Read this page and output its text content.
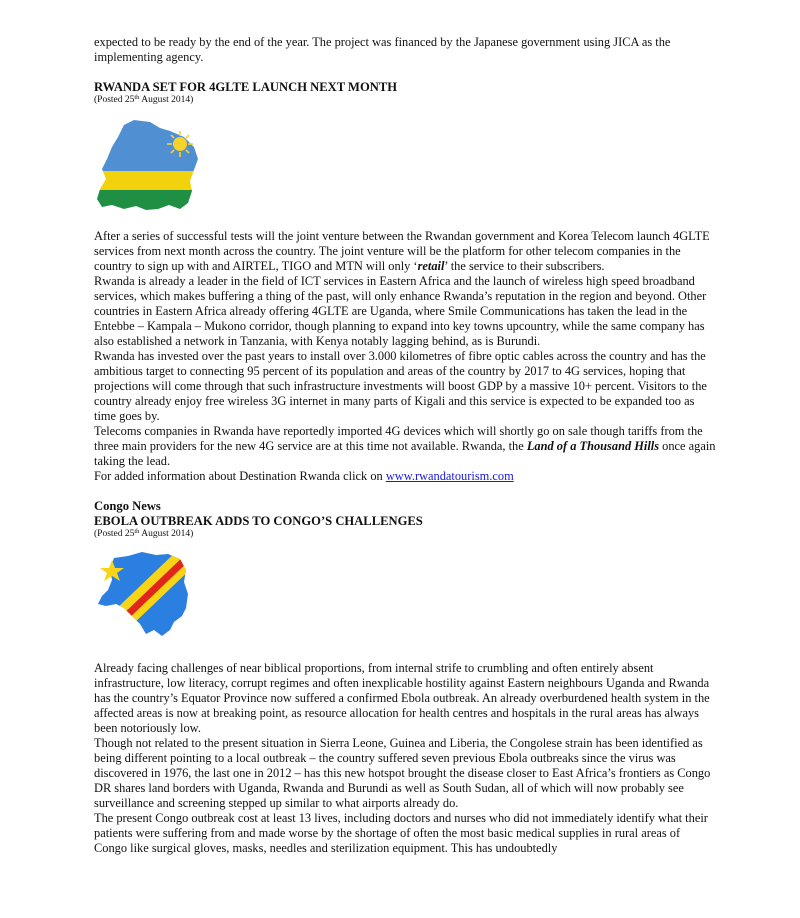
expected to be ready by the end of the year. The project was financed by the Japanese government using JICA as the implementing agency.

RWANDA SET FOR 4GLTE LAUNCH NEXT MONTH
(Posted 25th August 2014)

After a series of successful tests will the joint venture between the Rwandan government and Korea Telecom launch 4GLTE services from next month across the country. The joint venture will be the platform for other telecom companies in the country to sign up with and AIRTEL, TIGO and MTN will only ‘retail’ the service to their subscribers.

Rwanda is already a leader in the field of ICT services in Eastern Africa and the launch of wireless high speed broadband services, which makes buffering a thing of the past, will only enhance Rwanda’s reputation in the region and beyond. Other countries in Eastern Africa already offering 4GLTE are Uganda, where Smile Communications has taken the lead in the Entebbe – Kampala – Mukono corridor, though planning to expand into key towns upcountry, while the same company has also established a network in Tanzania, with Kenya notably lagging behind, as is Burundi.

Rwanda has invested over the past years to install over 3.000 kilometres of fibre optic cables across the country and has the ambitious target to connecting 95 percent of its population and areas of the country by 2017 to 4G services, hoping that projections will come through that such infrastructure investments will boost GDP by a massive 10+ percent. Visitors to the country already enjoy free wireless 3G internet in many parts of Kigali and this service is expected to be expanded too as time goes by.

Telecoms companies in Rwanda have reportedly imported 4G devices which will shortly go on sale though tariffs from the three main providers for the new 4G service are at this time not available. Rwanda, the Land of a Thousand Hills once again taking the lead.

For added information about Destination Rwanda click on www.rwandatourism.com

Congo News
EBOLA OUTBREAK ADDS TO CONGO’S CHALLENGES
(Posted 25th August 2014)

Already facing challenges of near biblical proportions, from internal strife to crumbling and often entirely absent infrastructure, low literacy, corrupt regimes and often inexplicable hostility against Eastern neighbours Uganda and Rwanda has the country’s Equator Province now suffered a confirmed Ebola outbreak. An already overburdened health system in the affected areas is now at breaking point, as resource allocation for health centres and hospitals in the rural areas has always been notoriously low.

Though not related to the present situation in Sierra Leone, Guinea and Liberia, the Congolese strain has been identified as being different pointing to a local outbreak – the country suffered seven previous Ebola outbreaks since the virus was discovered in 1976, the last one in 2012 – has this new hotspot brought the disease closer to East Africa’s frontiers as Congo DR shares land borders with Uganda, Rwanda and Burundi as well as South Sudan, all of which will now probably see surveillance and screening stepped up similar to what airports already do.

The present Congo outbreak cost at least 13 lives, including doctors and nurses who did not immediately identify what their patients were suffering from and made worse by the shortage of often the most basic medical supplies in rural areas of Congo like surgical gloves, masks, needles and sterilization equipment. This has undoubtedly
